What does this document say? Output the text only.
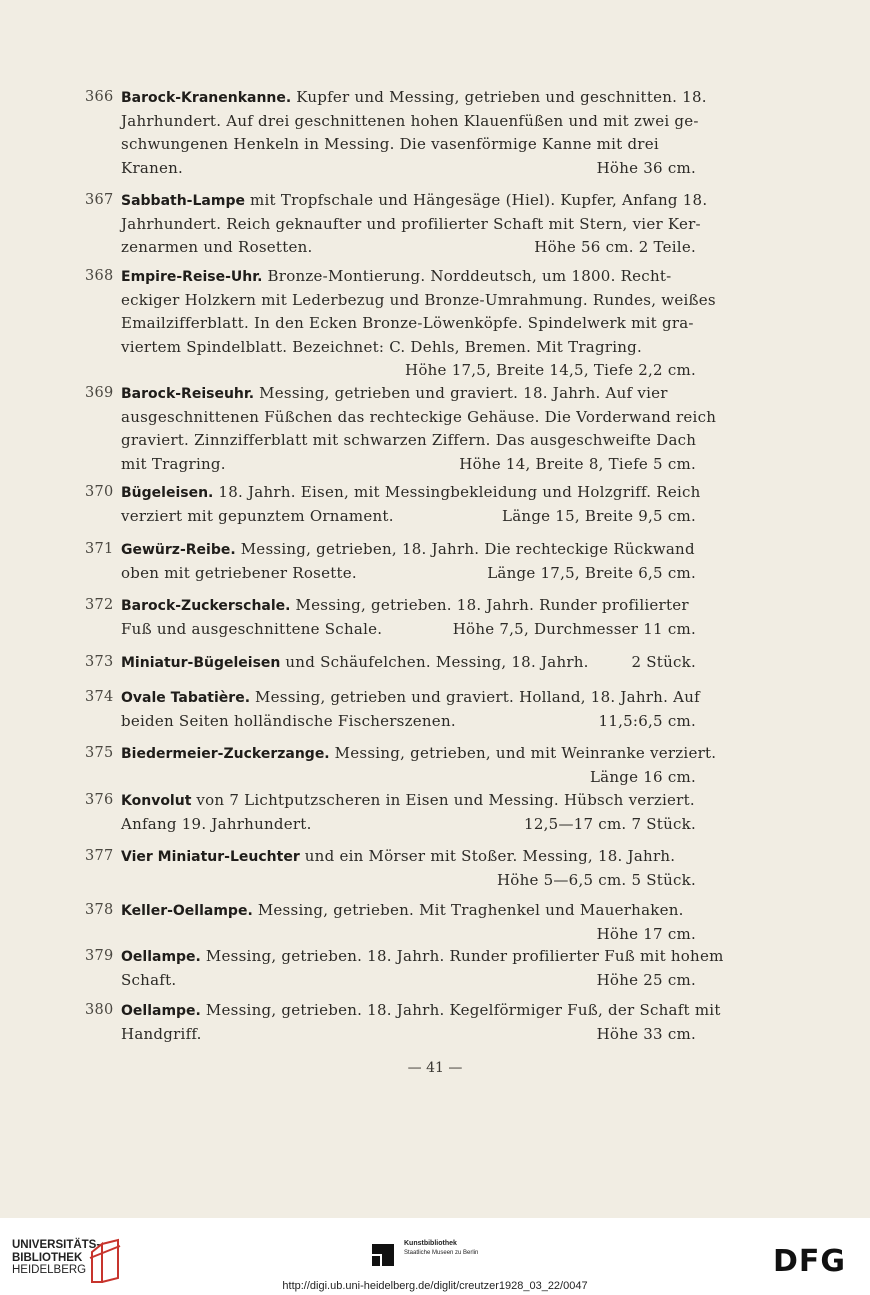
366 Barock-Kranenkanne. Kupfer und Messing, getrieben und geschnitten. 18.
Jahrhundert. Auf drei geschnittenen hohen Klauenfüßen und mit zwei ge-
schwungenen Henkeln in Messing. Die vasenförmige Kanne mit drei
Höhe 36 cm.
Kranen.
367 Sabbath-Lampe mit Tropfschale und Hängesäge (Hiel). Kupfer, Anfang 18.
Jahrhundert. Reich geknaufter und profilierter Schaft mit Stern, vier Ker-
Höhe 56 cm. 2 Teile.
zenarmen und Rosetten.
368 Empire-Reise-Uhr. Bronze-Montierung. Norddeutsch, um 1800. Recht-
eckiger Holzkern mit Lederbezug und Bronze-Umrahmung. Rundes, weißes
Emailzifferblatt. In den Ecken Bronze-Löwenköpfe. Spindelwerk mit gra-
viertem Spindelblatt. Bezeichnet: C. Dehls, Bremen. Mit Tragring.
Höhe 17,5, Breite 14,5, Tiefe 2,2 cm.
369 Barock-Reiseuhr. Messing, getrieben und graviert. 18. Jahrh. Auf vier
ausgeschnittenen Füßchen das rechteckige Gehäuse. Die Vorderwand reich
graviert. Zinnzifferblatt mit schwarzen Ziffern. Das ausgeschweifte Dach
Höhe 14, Breite 8, Tiefe 5 cm.
mit Tragring.
370 Bügeleisen. 18. Jahrh. Eisen, mit Messingbekleidung und Holzgriff. Reich
Länge 15, Breite 9,5 cm.
verziert mit gepunztem Ornament.
371 Gewürz-Reibe. Messing, getrieben, 18. Jahrh. Die rechteckige Rückwand
Länge 17,5, Breite 6,5 cm.
oben mit getriebener Rosette.
372 Barock-Zuckerschale. Messing, getrieben. 18. Jahrh. Runder profilierter
Höhe 7,5, Durchmesser 11 cm.
Fuß und ausgeschnittene Schale.
373 Miniatur-Bügeleisen	2 Stück.
und Schäufelchen. Messing, 18. Jahrh.
374 Ovale Tabatière. Messing, getrieben und graviert. Holland, 18. Jahrh. Auf
11,5:6,5 cm.
beiden Seiten holländische Fischerszenen.
375 Biedermeier-Zuckerzange. Messing, getrieben, und mit Weinranke verziert.
Länge 16 cm.
376 Konvolut von 7 Lichtputzscheren in Eisen und Messing. Hübsch verziert.
12,5—17 cm. 7 Stück.
Anfang 19. Jahrhundert.
377 Vier Miniatur-Leuchter und ein Mörser mit Stoßer. Messing, 18. Jahrh.
Höhe 5—6,5 cm. 5 Stück.
378 Keller-Oellampe. Messing, getrieben. Mit Traghenkel und Mauerhaken.
Höhe 17 cm.
379 Oellampe. Messing, getrieben. 18. Jahrh. Runder profilierter Fuß mit hohem
Höhe 25 cm.
Schaft.
380 Oellampe. Messing, getrieben. 18. Jahrh. Kegelförmiger Fuß, der Schaft mit
Höhe 33 cm.
Handgriff.
— 41 —
UNIVERSITÄTS-
BIBLIOTHEK
HEIDELBERG
Kunstbibliothek
Staatliche Museen zu Berlin	DFG
http://digi.ub.uni-heidelberg.de/diglit/creutzer1928_03_22/0047
